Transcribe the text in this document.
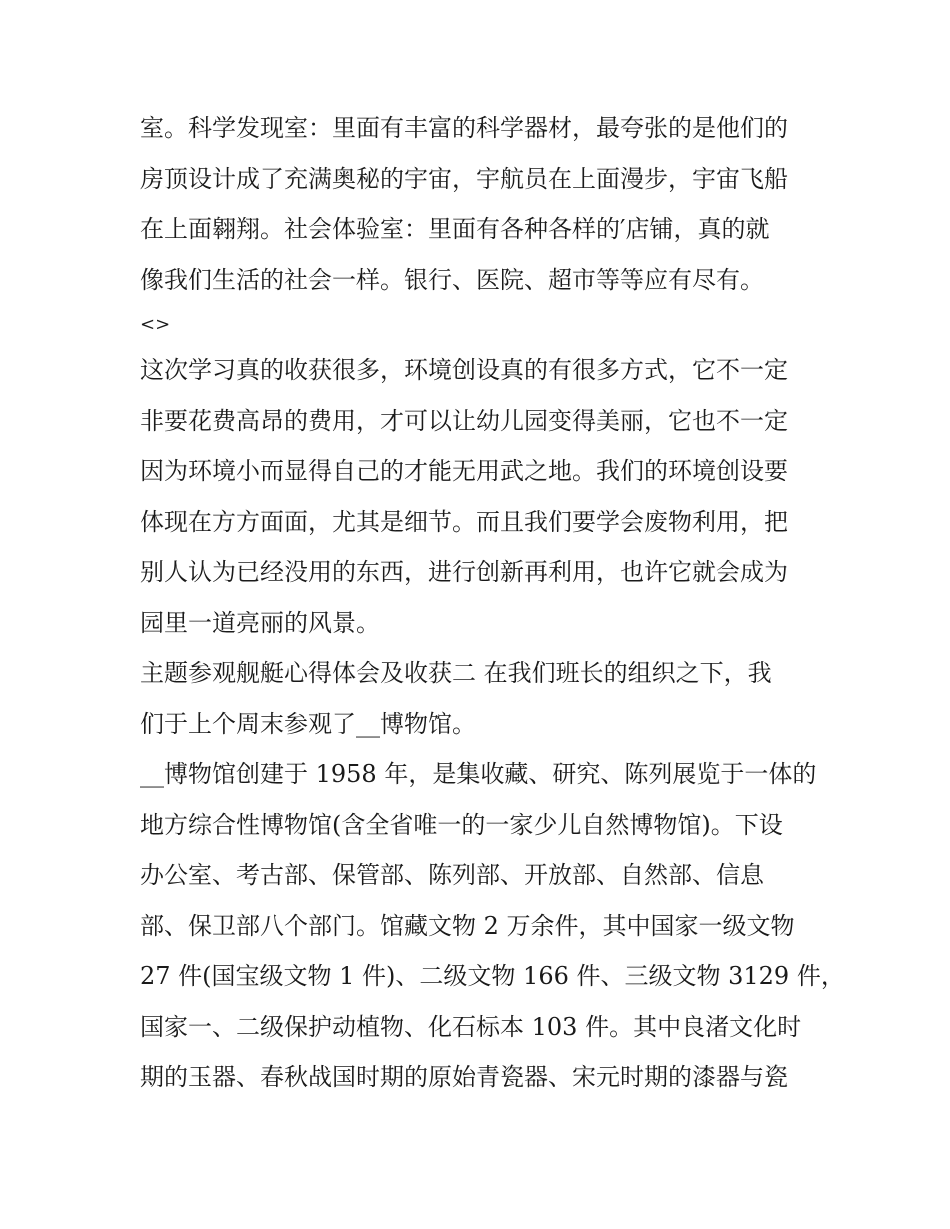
室。科学发现室：里面有丰富的科学器材，最夸张的是他们的
房顶设计成了充满奥秘的宇宙，宇航员在上面漫步，宇宙飞船
在上面翱翔。社会体验室：里面有各种各样的′店铺，真的就
像我们生活的社会一样。银行、医院、超市等等应有尽有。
<>
这次学习真的收获很多，环境创设真的有很多方式，它不一定
非要花费高昂的费用，才可以让幼儿园变得美丽，它也不一定
因为环境小而显得自己的才能无用武之地。我们的环境创设要
体现在方方面面，尤其是细节。而且我们要学会废物利用，把
别人认为已经没用的东西，进行创新再利用，也许它就会成为
园里一道亮丽的风景。
主题参观舰艇心得体会及收获二 在我们班长的组织之下，我
们于上个周末参观了__博物馆。
__博物馆创建于 1958 年，是集收藏、研究、陈列展览于一体的
地方综合性博物馆(含全省唯一的一家少儿自然博物馆)。下设
办公室、考古部、保管部、陈列部、开放部、自然部、信息
部、保卫部八个部门。馆藏文物 2 万余件，其中国家一级文物
27 件(国宝级文物 1 件)、二级文物 166 件、三级文物 3129 件，
国家一、二级保护动植物、化石标本 103 件。其中良渚文化时
期的玉器、春秋战国时期的原始青瓷器、宋元时期的漆器与瓷
